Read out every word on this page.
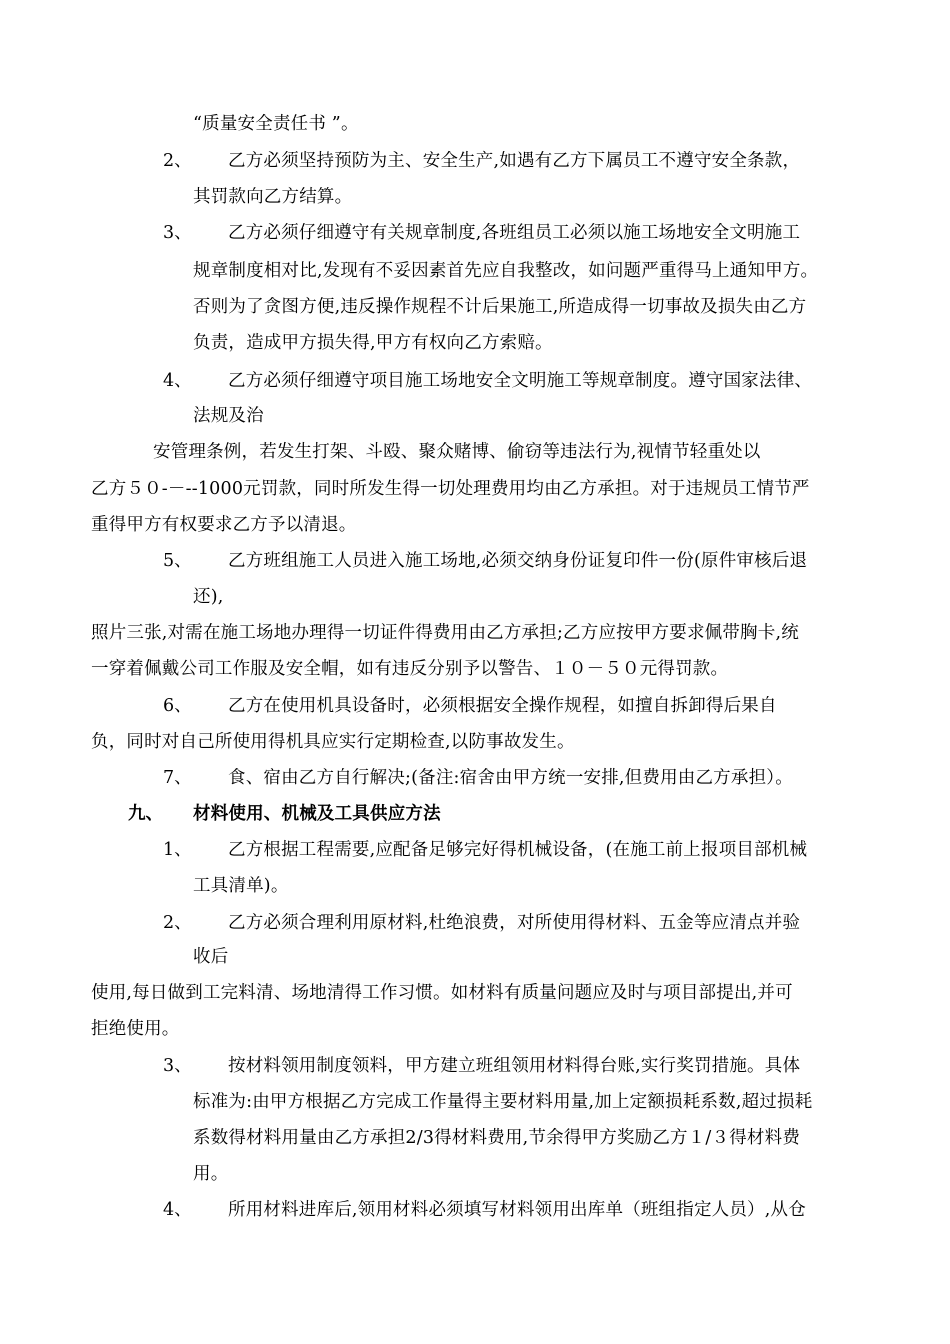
“质量安全责任书 ”。
2、 乙方必须坚持预防为主、安全生产,如遇有乙方下属员工不遵守安全条款，
其罚款向乙方结算。
3、 乙方必须仔细遵守有关规章制度,各班组员工必须以施工场地安全文明施工
规章制度相对比,发现有不妥因素首先应自我整改，如问题严重得马上通知甲方。
否则为了贪图方便,违反操作规程不计后果施工,所造成得一切事故及损失由乙方
负责，造成甲方损失得,甲方有权向乙方索赔。
4、 乙方必须仔细遵守项目施工场地安全文明施工等规章制度。遵守国家法律、
法规及治
安管理条例，若发生打架、斗殴、聚众赌博、偷窃等违法行为,视情节轻重处以
乙方５０-－--1000元罚款，同时所发生得一切处理费用均由乙方承担。对于违规员工情节严
重得甲方有权要求乙方予以清退。
5、 乙方班组施工人员进入施工场地,必须交纳身份证复印件一份(原件审核后退
还),
照片三张,对需在施工场地办理得一切证件得费用由乙方承担;乙方应按甲方要求佩带胸卡,统
一穿着佩戴公司工作服及安全帽，如有违反分别予以警告、１０－５０元得罚款。
6、 乙方在使用机具设备时，必须根据安全操作规程，如擅自拆卸得后果自
负，同时对自己所使用得机具应实行定期检查,以防事故发生。
7、 食、宿由乙方自行解决;(备注:宿舍由甲方统一安排,但费用由乙方承担）。
九、 材料使用、机械及工具供应方法
1、 乙方根据工程需要,应配备足够完好得机械设备，(在施工前上报项目部机械
工具清单)。
2、 乙方必须合理利用原材料,杜绝浪费，对所使用得材料、五金等应清点并验
收后
使用,每日做到工完料清、场地清得工作习惯。如材料有质量问题应及时与项目部提出,并可
拒绝使用。
3、 按材料领用制度领料，甲方建立班组领用材料得台账,实行奖罚措施。具体
标准为:由甲方根据乙方完成工作量得主要材料用量,加上定额损耗系数,超过损耗
系数得材料用量由乙方承担2/3得材料费用,节余得甲方奖励乙方１/３得材料费
用。
4、 所用材料进库后,领用材料必须填写材料领用出库单（班组指定人员）,从仓
